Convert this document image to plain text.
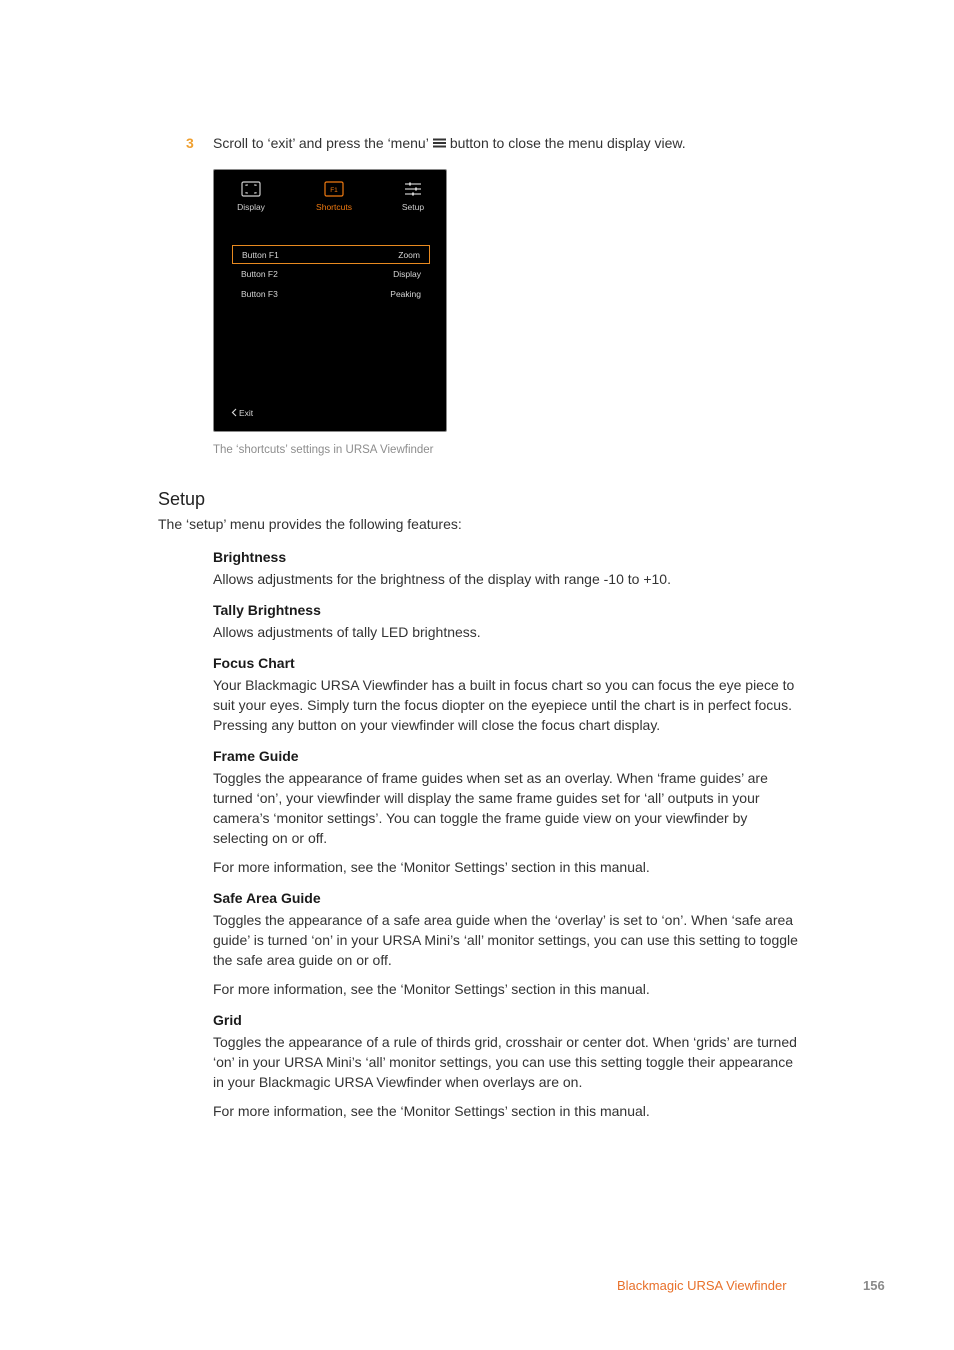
3 Scroll to ‘exit’ and press the ‘menu’ button to close the menu display view.
Display
F1
Shortcuts	Setup
Button F1	Zoom
Button F2	Display
Button F3	Peaking
Exit
The ‘shortcuts’ settings in URSA Viewfinder
Setup
The ‘setup’ menu provides the following features:
Brightness

Allows adjustments for the brightness of the display with range -10 to +10.

Tally Brightness

Allows adjustments of tally LED brightness.

Focus Chart

Your Blackmagic URSA Viewfinder has a built in focus chart so you can focus the eye piece to suit your eyes. Simply turn the focus diopter on the eyepiece until the chart is in perfect focus. Pressing any button on your viewfinder will close the focus chart display.

Frame Guide

Toggles the appearance of frame guides when set as an overlay. When ‘frame guides’ are turned ‘on’, your viewfinder will display the same frame guides set for ‘all’ outputs in your camera’s ‘monitor settings’. You can toggle the frame guide view on your viewfinder by selecting on or off.

For more information, see the ‘Monitor Settings’ section in this manual.

Safe Area Guide

Toggles the appearance of a safe area guide when the ‘overlay’ is set to ‘on’. When ‘safe area guide’ is turned ‘on’ in your URSA Mini’s ‘all’ monitor settings, you can use this setting to toggle the safe area guide on or off.

For more information, see the ‘Monitor Settings’ section in this manual.

Grid

Toggles the appearance of a rule of thirds grid, crosshair or center dot. When ‘grids’ are turned ‘on’ in your URSA Mini’s ‘all’ monitor settings, you can use this setting toggle their appearance in your Blackmagic URSA Viewfinder when overlays are on.

For more information, see the ‘Monitor Settings’ section in this manual.

Blackmagic URSA Viewfinder	156
